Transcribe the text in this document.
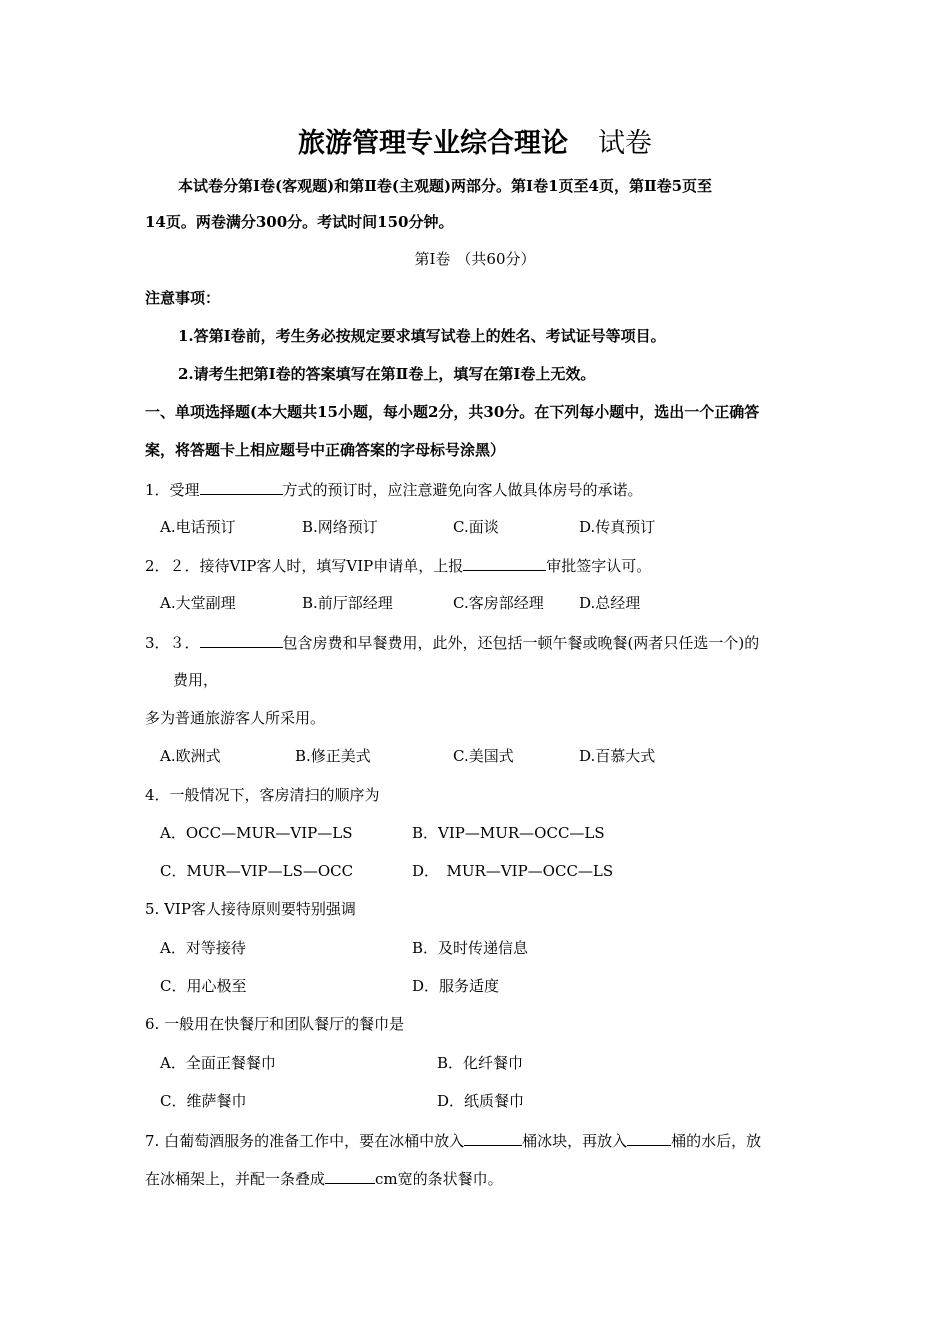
旅游管理专业综合理论 试卷
本试卷分第Ⅰ卷(客观题)和第Ⅱ卷(主观题)两部分。第Ⅰ卷1页至4页，第Ⅱ卷5页至
14页。两卷满分300分。考试时间150分钟。
第Ⅰ卷 （共60分）
注意事项：
1.答第Ⅰ卷前，考生务必按规定要求填写试卷上的姓名、考试证号等项目。
2.请考生把第Ⅰ卷的答案填写在第Ⅱ卷上，填写在第Ⅰ卷上无效。
一、单项选择题(本大题共15小题，每小题2分，共30分。在下列每小题中，选出一个正确答
案，将答题卡上相应题号中正确答案的字母标号涂黑）
1．受理	方式的预订时，应注意避免向客人做具体房号的承诺。
A.电话预订	B.网络预订	C.面谈	D.传真预订
2．２．接待VIP客人时，填写VIP申请单，上报	审批签字认可。
A.大堂副理	B.前厅部经理	C.客房部经理 D.总经理
3．３．	包含房费和早餐费用，此外，还包括一顿午餐或晚餐(两者只任选一个)的
费用，
多为普通旅游客人所采用。
A.欧洲式	B.修正美式	C.美国式	D.百慕大式
4．一般情况下，客房清扫的顺序为
A．OCC—MUR—VIP—LS	B．VIP—MUR—OCC—LS
C．MUR—VIP—LS—OCC	D．　MUR—VIP—OCC—LS
5. VIP客人接待原则要特别强调
A．对等接待	B．及时传递信息
C．用心极至	D．服务适度
6. 一般用在快餐厅和团队餐厅的餐巾是
A．全面正餐餐巾	B．化纤餐巾
C．维萨餐巾	D．纸质餐巾
7. 白葡萄酒服务的准备工作中，要在冰桶中放入	桶冰块，再放入	桶的水后，放
在冰桶架上，并配一条叠成	cm宽的条状餐巾。
